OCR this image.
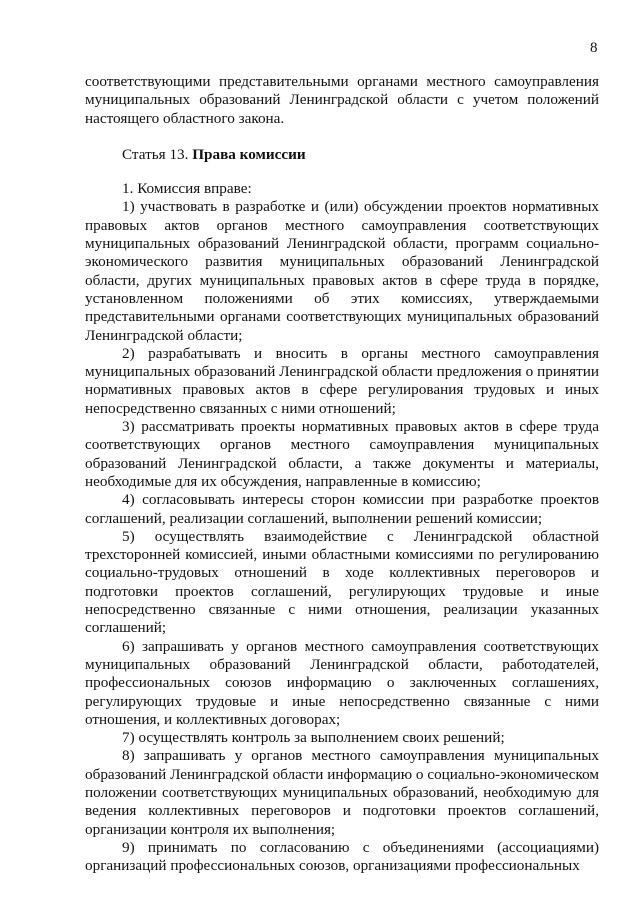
8

соответствующими представительными органами местного самоуправления муниципальных образований Ленинградской области с учетом положений настоящего областного закона.

Статья 13. Права комиссии

1. Комиссия вправе:

1) участвовать в разработке и (или) обсуждении проектов нормативных правовых актов органов местного самоуправления соответствующих муниципальных образований Ленинградской области, программ социально-экономического развития муниципальных образований Ленинградской области, других муниципальных правовых актов в сфере труда в порядке, установленном положениями об этих комиссиях, утверждаемыми представительными органами соответствующих муниципальных образований Ленинградской области;

2) разрабатывать и вносить в органы местного самоуправления муниципальных образований Ленинградской области предложения о принятии нормативных правовых актов в сфере регулирования трудовых и иных непосредственно связанных с ними отношений;

3) рассматривать проекты нормативных правовых актов в сфере труда соответствующих органов местного самоуправления муниципальных образований Ленинградской области, а также документы и материалы, необходимые для их обсуждения, направленные в комиссию;

4) согласовывать интересы сторон комиссии при разработке проектов соглашений, реализации соглашений, выполнении решений комиссии;

5) осуществлять взаимодействие с Ленинградской областной трехсторонней комиссией, иными областными комиссиями по регулированию социально-трудовых отношений в ходе коллективных переговоров и подготовки проектов соглашений, регулирующих трудовые и иные непосредственно связанные с ними отношения, реализации указанных соглашений;

6) запрашивать у органов местного самоуправления соответствующих муниципальных образований Ленинградской области, работодателей, профессиональных союзов информацию о заключенных соглашениях, регулирующих трудовые и иные непосредственно связанные с ними отношения, и коллективных договорах;

7) осуществлять контроль за выполнением своих решений;

8) запрашивать у органов местного самоуправления муниципальных образований Ленинградской области информацию о социально-экономическом положении соответствующих муниципальных образований, необходимую для ведения коллективных переговоров и подготовки проектов соглашений, организации контроля их выполнения;

9) принимать по согласованию с объединениями (ассоциациями) организаций профессиональных союзов, организациями профессиональных
